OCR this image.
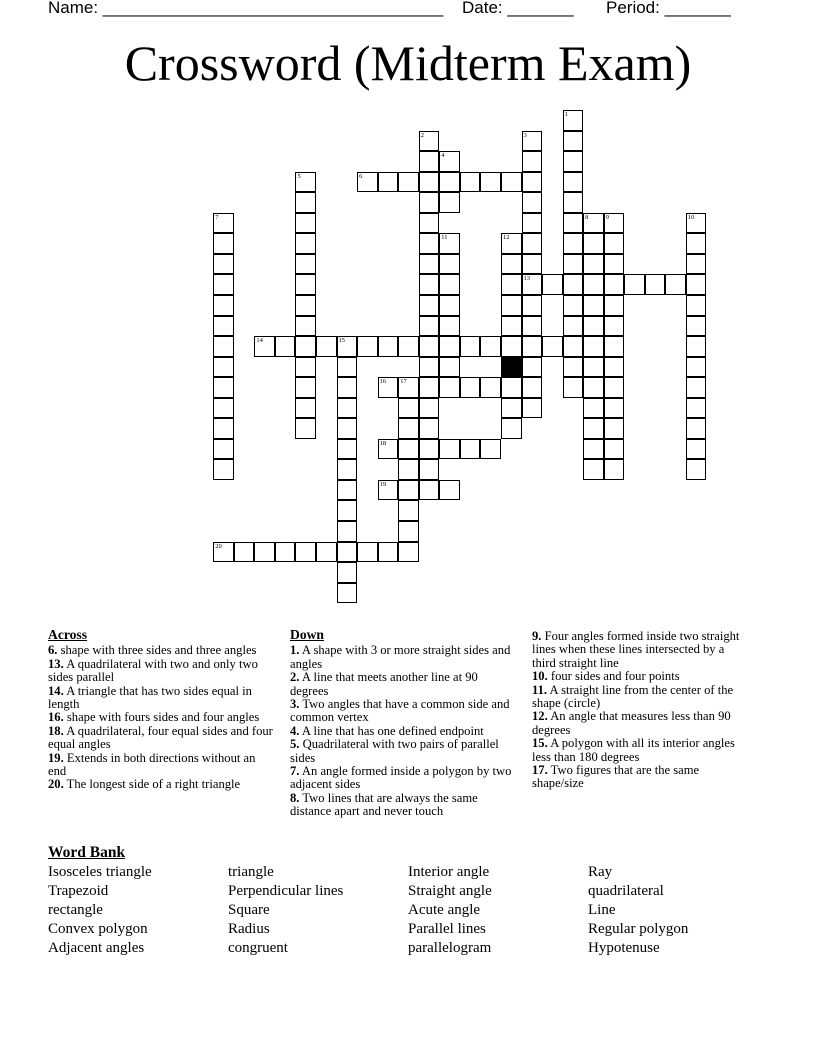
Name: ____________________________________ Date: _______ Period: _______
Crossword (Midterm Exam)
1
2	3
13
4
5	6
7	8	9	10
11	12
14	15
16 17
18
19
20
Across
6. shape with three sides and three angles
13. A quadrilateral with two and only two sides parallel
14. A triangle that has two sides equal in length
16. shape with fours sides and four angles
18. A quadrilateral, four equal sides and four equal angles
19. Extends in both directions without an end
20. The longest side of a right triangle
Down
1. A shape with 3 or more straight sides and angles
2. A line that meets another line at 90 degrees
3. Two angles that have a common side and common vertex
4. A line that has one defined endpoint
5. Quadrilateral with two pairs of parallel sides
7. An angle formed inside a polygon by two adjacent sides
8. Two lines that are always the same distance apart and never touch
9. Four angles formed inside two straight lines when these lines intersected by a third straight line
10. four sides and four points
11. A straight line from the center of the shape (circle)
12. An angle that measures less than 90 degrees
15. A polygon with all its interior angles less than 180 degrees
17. Two figures that are the same shape/size
Word Bank
Isosceles triangle
Trapezoid
rectangle
Convex polygon
Adjacent angles
triangle
Perpendicular lines
Square
Radius
congruent
Interior angle
Straight angle
Acute angle
Parallel lines
parallelogram
Ray
quadrilateral
Line
Regular polygon
Hypotenuse
